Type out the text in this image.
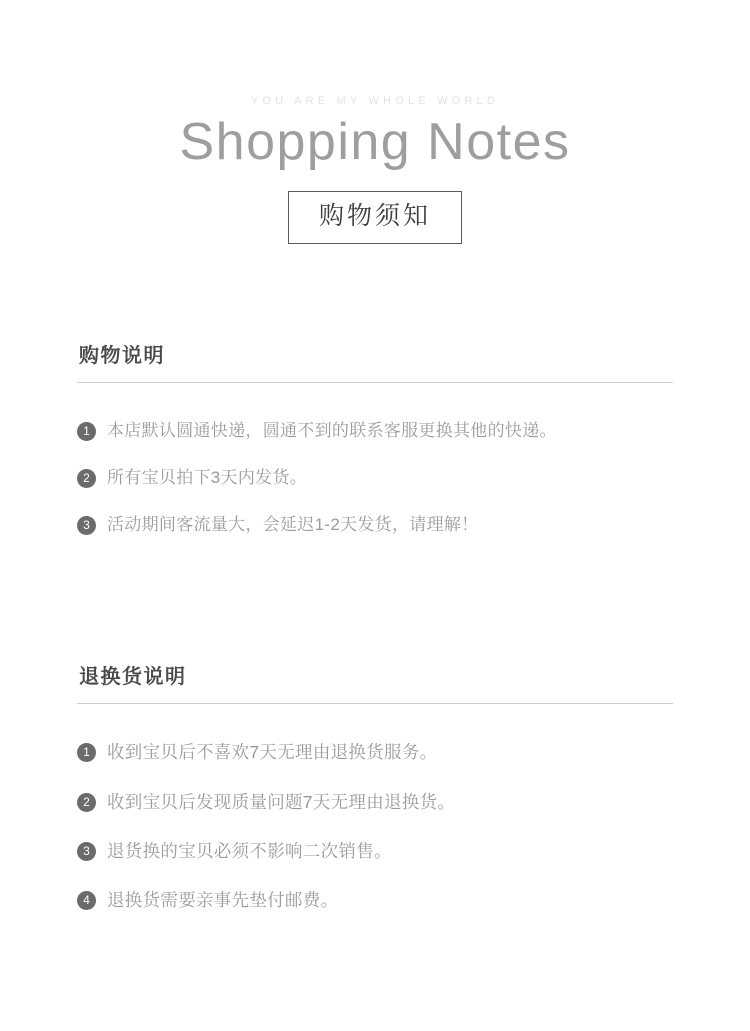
YOU ARE MY WHOLE WORLD
Shopping Notes
购物须知
购物说明
1	本店默认圆通快递，圆通不到的联系客服更换其他的快递。
2	所有宝贝拍下3天内发货。
3	活动期间客流量大，会延迟1-2天发货，请理解！
退换货说明
1 收到宝贝后不喜欢7天无理由退换货服务。
2 收到宝贝后发现质量问题7天无理由退换货。
3 退货换的宝贝必须不影响二次销售。
4 退换货需要亲事先垫付邮费。
